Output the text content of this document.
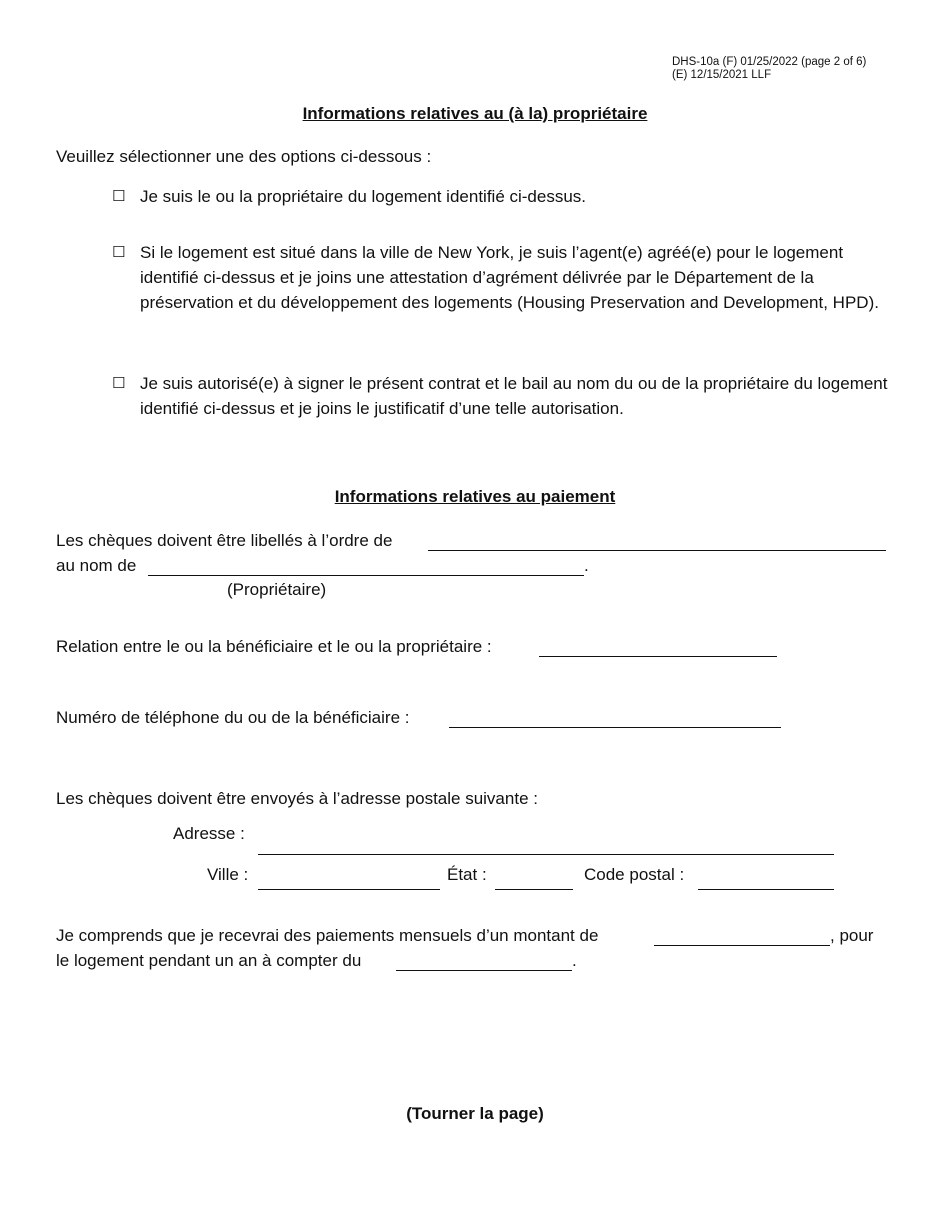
DHS-10a (F) 01/25/2022 (page 2 of 6)
(E) 12/15/2021 LLF
Informations relatives au (à la) propriétaire
Veuillez sélectionner une des options ci-dessous :
☐ Je suis le ou la propriétaire du logement identifié ci-dessus.
☐ Si le logement est situé dans la ville de New York, je suis l’agent(e) agréé(e) pour le logement identifié ci-dessus et je joins une attestation d’agrément délivrée par le Département de la préservation et du développement des logements (Housing Preservation and Development, HPD).
☐ Je suis autorisé(e) à signer le présent contrat et le bail au nom du ou de la propriétaire du logement identifié ci-dessus et je joins le justificatif d’une telle autorisation.
Informations relatives au paiement
Les chèques doivent être libellés à l’ordre de
au nom de	.
(Propriétaire)
Relation entre le ou la bénéficiaire et le ou la propriétaire :
Numéro de téléphone du ou de la bénéficiaire :
Les chèques doivent être envoyés à l’adresse postale suivante :
Adresse :
Ville :	État :	Code postal :
Je comprends que je recevrai des paiements mensuels d’un montant de	, pour
le logement pendant un an à compter du	.
(Tourner la page)
